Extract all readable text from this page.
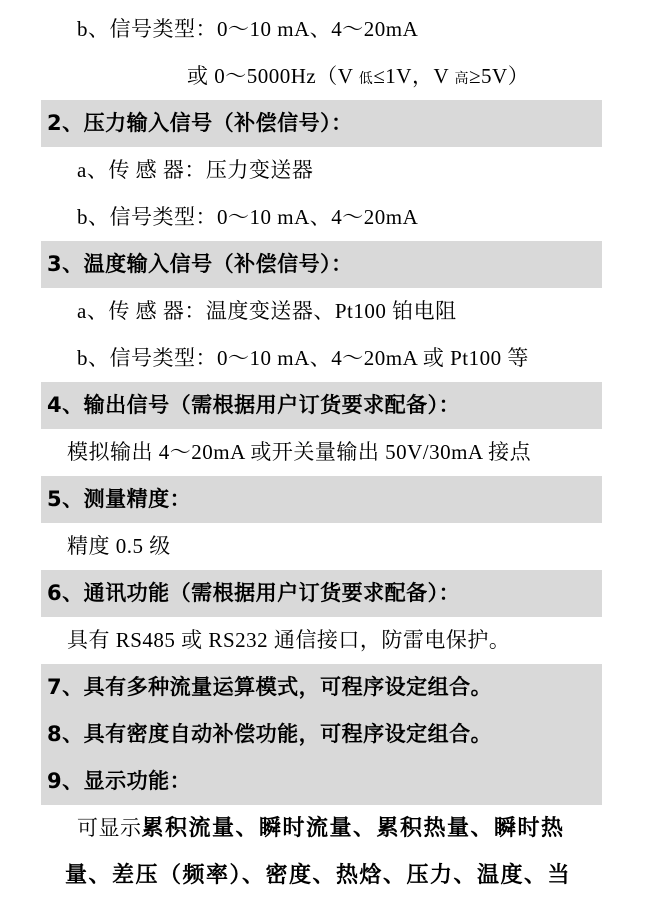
b、信号类型：0～10 mA、4～20mA

或 0～5000Hz（V 低≤1V，V 高≥5V）

2、压力输入信号（补偿信号）：

a、传 感 器：压力变送器

b、信号类型：0～10 mA、4～20mA

3、温度输入信号（补偿信号）：

a、传 感 器：温度变送器、Pt100 铂电阻

b、信号类型：0～10 mA、4～20mA 或 Pt100 等

4、输出信号（需根据用户订货要求配备）：

模拟输出 4～20mA 或开关量输出 50V/30mA 接点

5、测量精度：

精度 0.5 级

6、通讯功能（需根据用户订货要求配备）：

具有 RS485 或 RS232 通信接口，防雷电保护。

7、具有多种流量运算模式，可程序设定组合。

8、具有密度自动补偿功能，可程序设定组合。

9、显示功能：

可显示累积流量、瞬时流量、累积热量、瞬时热

量、差压（频率）、密度、热焓、压力、温度、当
